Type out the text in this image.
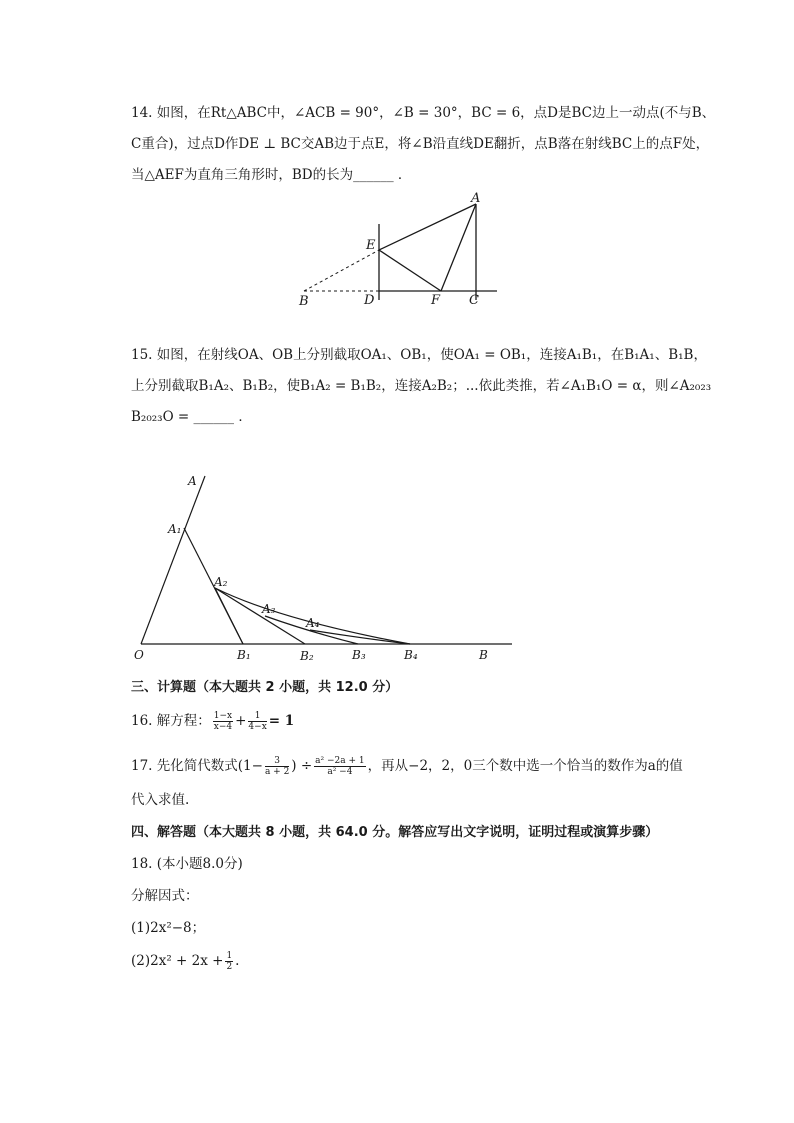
14. 如图，在Rt△ABC中，∠ACB = 90°，∠B = 30°，BC = 6，点D是BC边上一动点(不与B、
C重合)，过点D作DE ⊥ BC交AB边于点E，将∠B沿直线DE翻折，点B落在射线BC上的点F处，
当△AEF为直角三角形时，BD的长为______ ．
A
E
B	D	F C
15. 如图，在射线OA、OB上分别截取OA₁、OB₁，使OA₁ = OB₁，连接A₁B₁，在B₁A₁、B₁B，
上分别截取B₁A₂、B₁B₂，使B₁A₂ = B₁B₂，连接A₂B₂；...依此类推，若∠A₁B₁O = α，则∠A₂₀₂₃
B₂₀₂₃O = ______ ．
A
A₁
A₂
A₃
A₄
O	B₁	B₂	B₃	B₄	B
三、计算题（本大题共 2 小题，共 12.0 分）
16. 解方程： $\frac{1-x}{x-4} + \frac{1}{4-x} = 1$
17. 先化简代数式($1- \frac{3}{a + 2}$ ) ÷ $\frac{\text{a² −2a + 1}}{\text{a² −4}}$ ，再从−2，2，0三个数中选一个恰当的数作为a的值
代入求值.
四、解答题（本大题共 8 小题，共 64.0 分。解答应写出文字说明，证明过程或演算步骤）
18. (本小题8.0分)
分解因式：
(1)2x²−8；
$(2)2x^2 + 2x + \frac{1}{2}$ .
